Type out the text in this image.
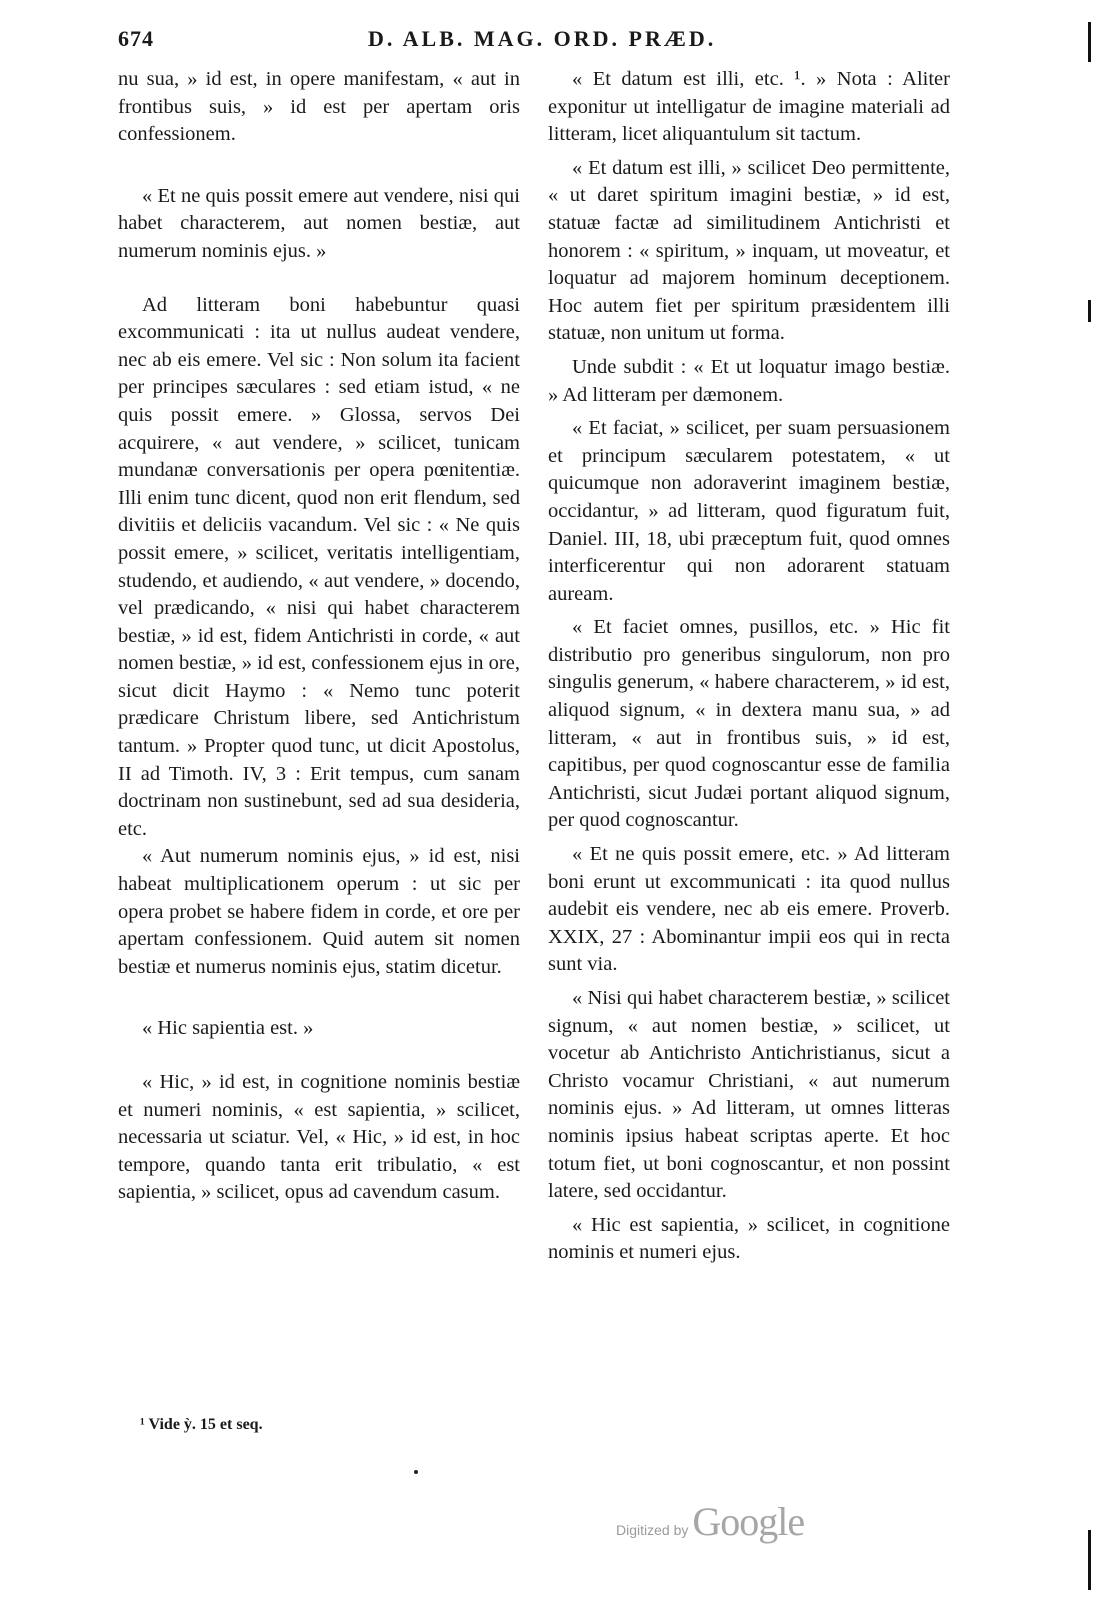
674	D. ALB. MAG. ORD. PRÆD.

nu sua, » id est, in opere manifestam, « aut in frontibus suis, » id est per apertam oris confessionem.

« Et ne quis possit emere aut vendere, nisi qui habet characterem, aut nomen bestiæ, aut numerum nominis ejus. »

Ad litteram boni habebuntur quasi excommunicati : ita ut nullus audeat vendere, nec ab eis emere. Vel sic : Non solum ita facient per principes sæculares : sed etiam istud, « ne quis possit emere. » Glossa, servos Dei acquirere, « aut vendere, » scilicet, tunicam mundanæ conversationis per opera pœnitentiæ. Illi enim tunc dicent, quod non erit flendum, sed divitiis et deliciis vacandum. Vel sic : « Ne quis possit emere, » scilicet, veritatis intelligentiam, studendo, et audiendo, « aut vendere, » docendo, vel prædicando, « nisi qui habet characterem bestiæ, » id est, fidem Antichristi in corde, « aut nomen bestiæ, » id est, confessionem ejus in ore, sicut dicit Haymo : « Nemo tunc poterit prædicare Christum libere, sed Antichristum tantum. » Propter quod tunc, ut dicit Apostolus, II ad Timoth. IV, 3 : Erit tempus, cum sanam doctrinam non sustinebunt, sed ad sua desideria, etc.

« Aut numerum nominis ejus, » id est, nisi habeat multiplicationem operum : ut sic per opera probet se habere fidem in corde, et ore per apertam confessionem. Quid autem sit nomen bestiæ et numerus nominis ejus, statim dicetur.

« Hic sapientia est. »

« Hic, » id est, in cognitione nominis bestiæ et numeri nominis, « est sapientia, » scilicet, necessaria ut sciatur. Vel, « Hic, » id est, in hoc tempore, quando tanta erit tribulatio, « est sapientia, » scilicet, opus ad cavendum casum.

« Et datum est illi, etc. ¹. » Nota : Aliter exponitur ut intelligatur de imagine materiali ad litteram, licet aliquantulum sit tactum.

« Et datum est illi, » scilicet Deo permittente, « ut daret spiritum imagini bestiæ, » id est, statuæ factæ ad similitudinem Antichristi et honorem : « spiritum, » inquam, ut moveatur, et loquatur ad majorem hominum deceptionem. Hoc autem fiet per spiritum præsidentem illi statuæ, non unitum ut forma.

Unde subdit : « Et ut loquatur imago bestiæ. » Ad litteram per dæmonem.

« Et faciat, » scilicet, per suam persuasionem et principum sæcularem potestatem, « ut quicumque non adoraverint imaginem bestiæ, occidantur, » ad litteram, quod figuratum fuit, Daniel. III, 18, ubi præceptum fuit, quod omnes interficerentur qui non adorarent statuam auream.

« Et faciet omnes, pusillos, etc. » Hic fit distributio pro generibus singulorum, non pro singulis generum, « habere characterem, » id est, aliquod signum, « in dextera manu sua, » ad litteram, « aut in frontibus suis, » id est, capitibus, per quod cognoscantur esse de familia Antichristi, sicut Judæi portant aliquod signum, per quod cognoscantur.

« Et ne quis possit emere, etc. » Ad litteram boni erunt ut excommunicati : ita quod nullus audebit eis vendere, nec ab eis emere. Proverb. XXIX, 27 : Abominantur impii eos qui in recta sunt via.

« Nisi qui habet characterem bestiæ, » scilicet signum, « aut nomen bestiæ, » scilicet, ut vocetur ab Antichristo Antichristianus, sicut a Christo vocamur Christiani, « aut numerum nominis ejus. » Ad litteram, ut omnes litteras nominis ipsius habeat scriptas aperte. Et hoc totum fiet, ut boni cognoscantur, et non possint latere, sed occidantur.

« Hic est sapientia, » scilicet, in cognitione nominis et numeri ejus.

¹ Vide ỳ. 15 et seq.
Digitized by Google
